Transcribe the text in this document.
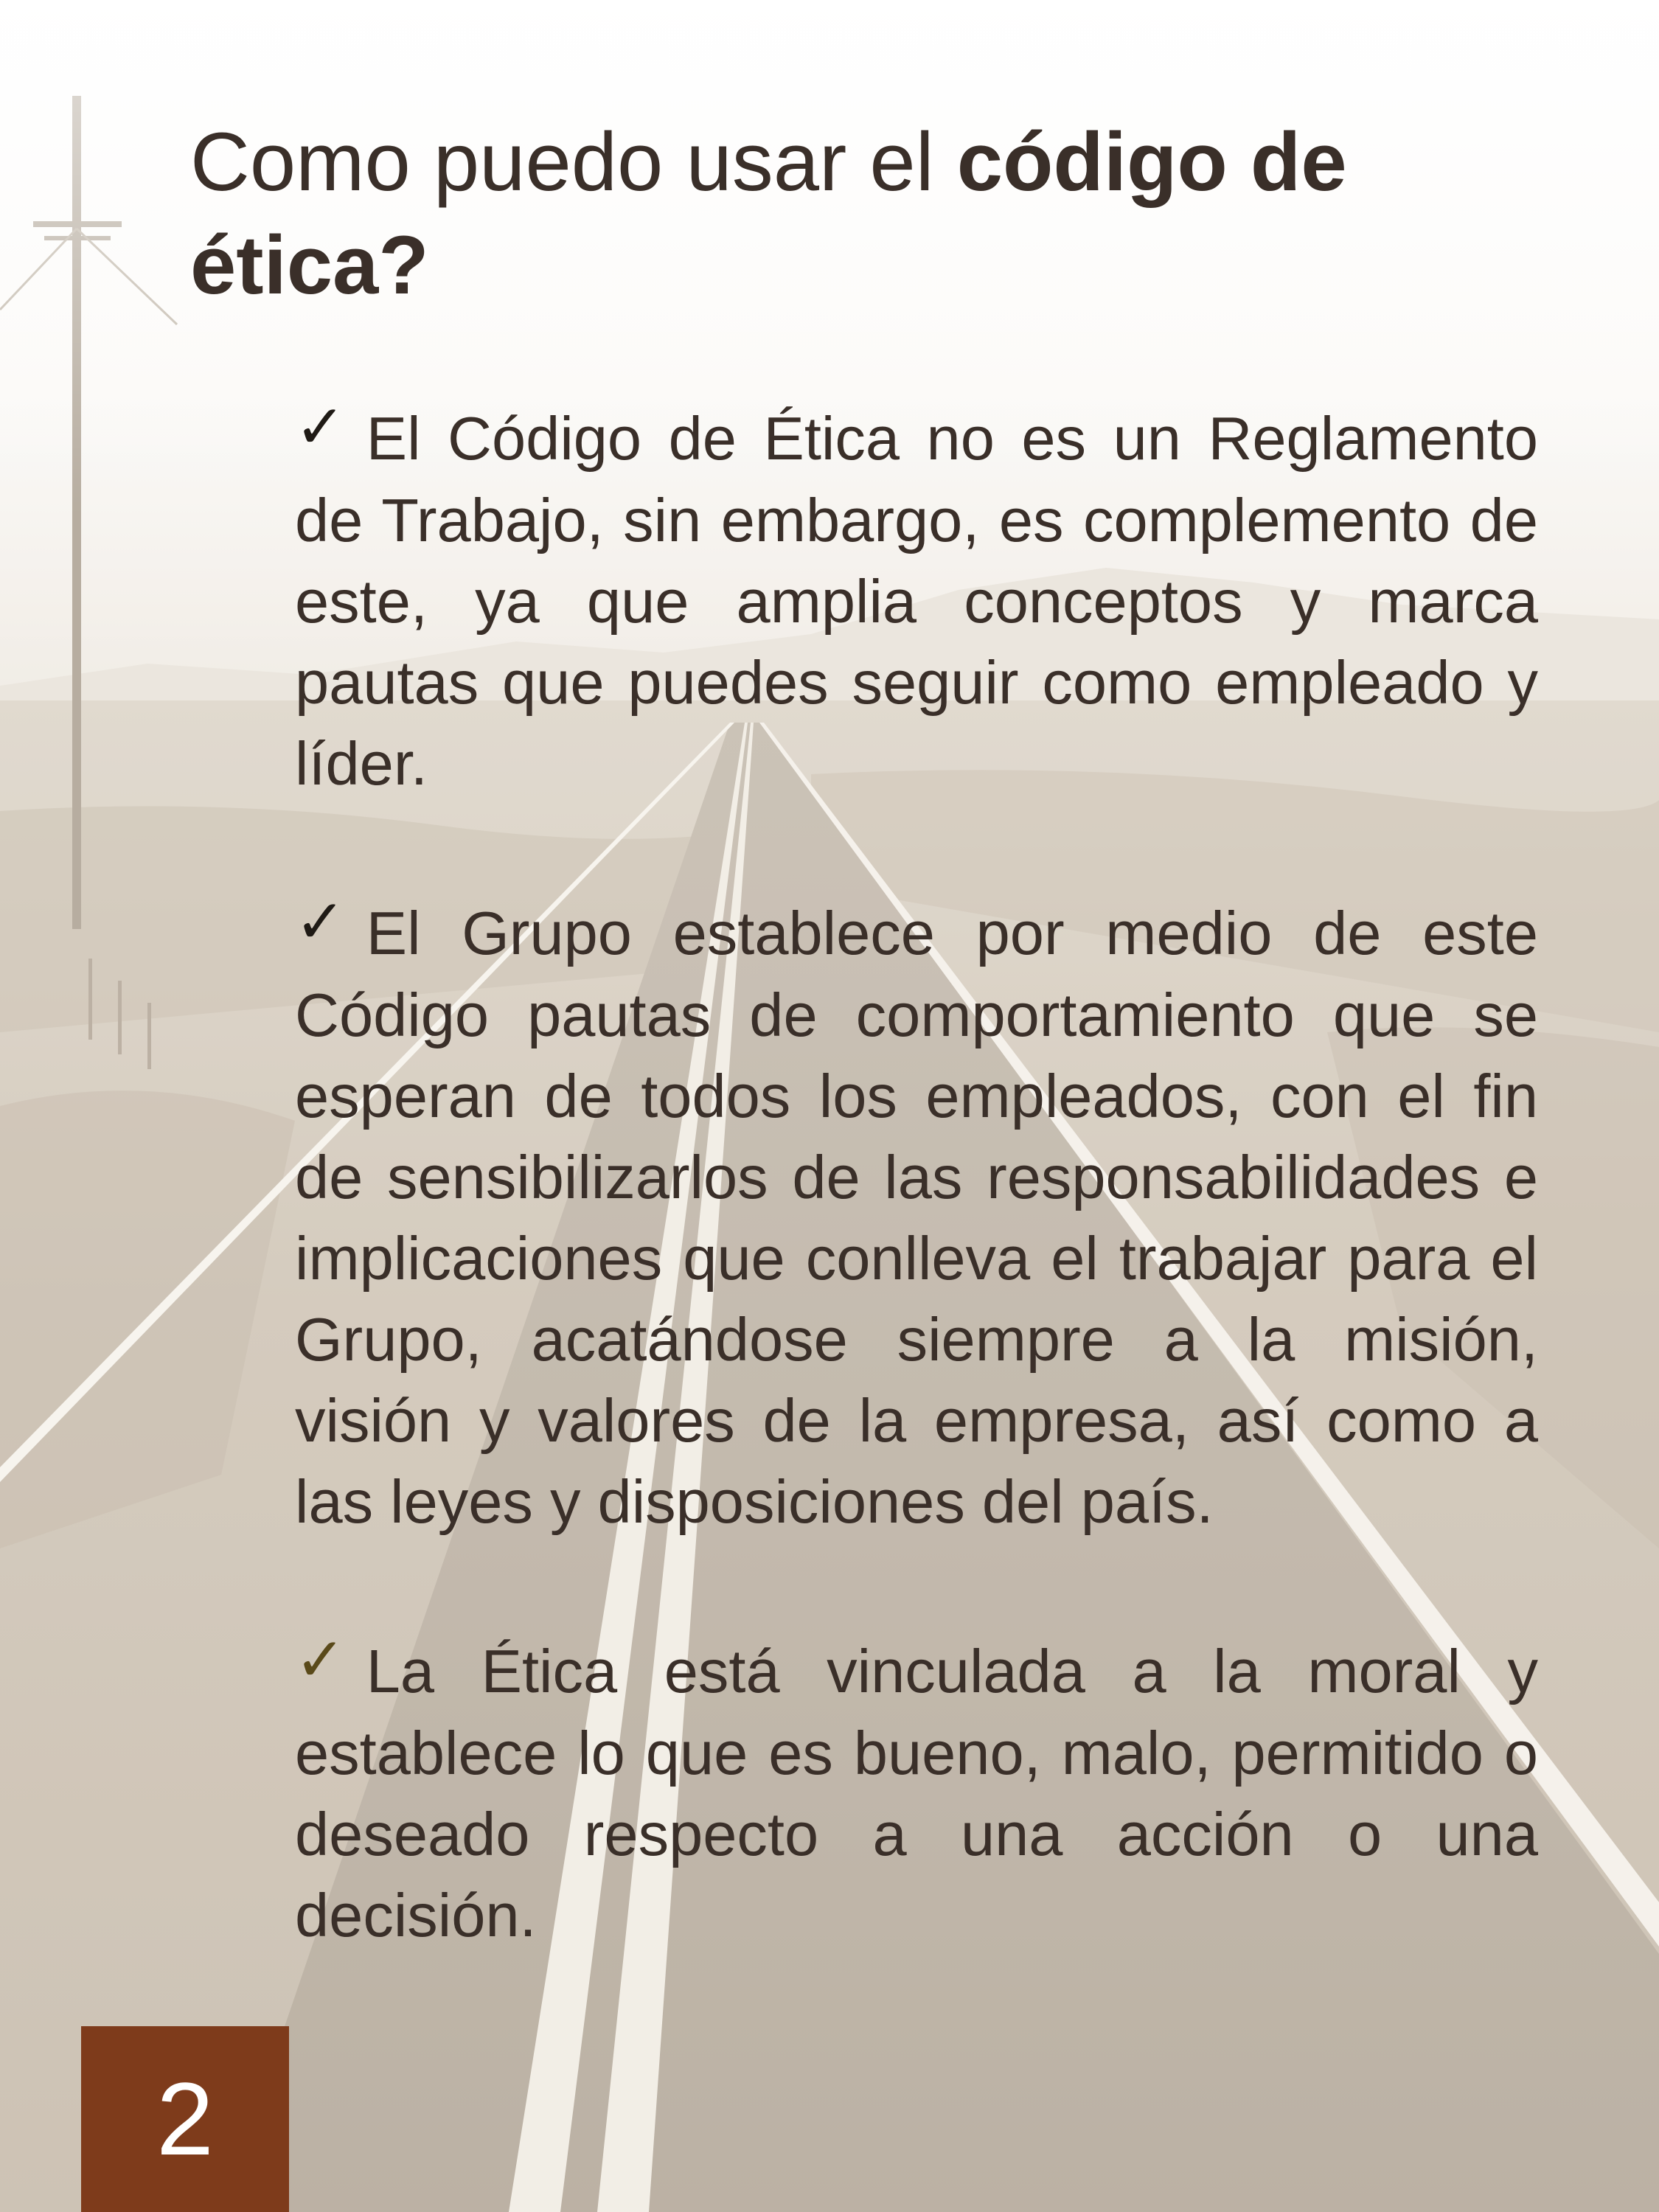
Como puedo usar el código de
ética?
✓ El Código de Ética no es un Reglamento de Trabajo, sin embargo, es complemento de este, ya que amplia conceptos y marca pautas que puedes seguir como empleado y líder.
✓ El Grupo establece por medio de este Código pautas de comportamiento que se esperan de todos los empleados, con el fin de sensibilizarlos de las responsabilidades e implicaciones que conlleva el trabajar para el Grupo, acatándose siempre a la misión, visión y valores de la empresa, así como a las leyes y disposiciones del país.
✓ La Ética está vinculada a la moral y establece lo que es bueno, malo, permitido o deseado respecto a una acción o una decisión.
2
